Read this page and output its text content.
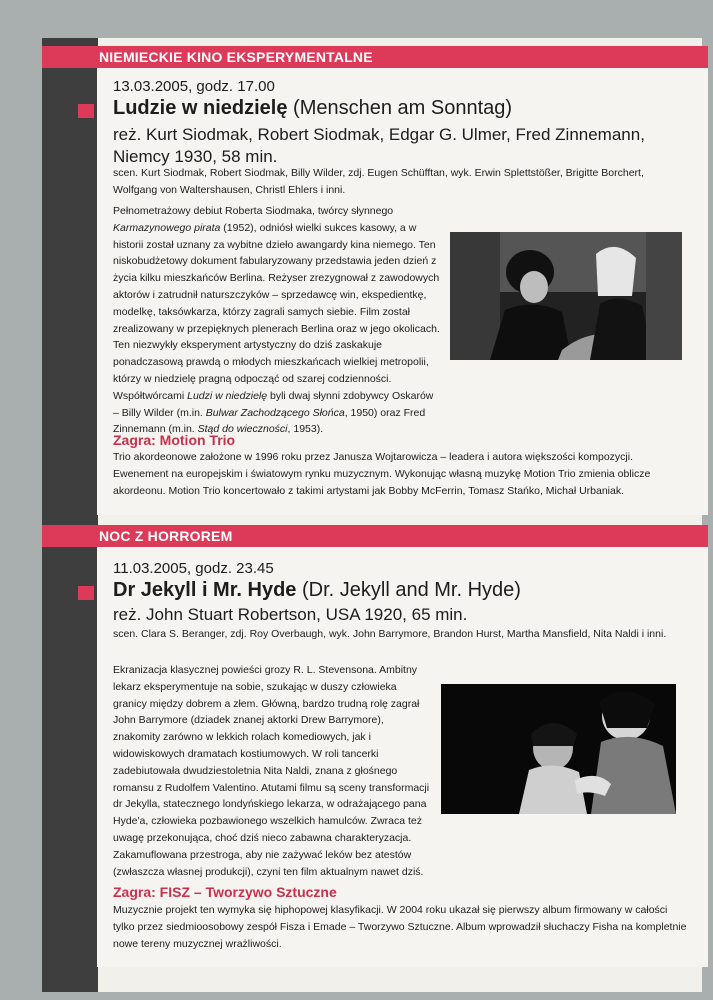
NIEMIECKIE KINO EKSPERYMENTALNE
13.03.2005, godz. 17.00
Ludzie w niedzielę (Menschen am Sonntag)
reż. Kurt Siodmak, Robert Siodmak, Edgar G. Ulmer, Fred Zinnemann, Niemcy 1930, 58 min.
scen. Kurt Siodmak, Robert Siodmak, Billy Wilder, zdj. Eugen Schüfftan, wyk. Erwin Splettstößer, Brigitte Borchert, Wolfgang von Waltershausen, Christl Ehlers i inni.

Pełnometrażowy debiut Roberta Siodmaka, twórcy słynnego Karmazynowego pirata (1952), odniósł wielki sukces kasowy, a w historii został uznany za wybitne dzieło awangardy kina niemego. Ten niskobudżetowy dokument fabularyzowany przedstawia jeden dzień z życia kilku mieszkańców Berlina. Reżyser zrezygnował z zawodowych aktorów i zatrudnił naturszczyków – sprzedawcę win, ekspedientkę, modelkę, taksówkarza, którzy zagrali samych siebie. Film został zrealizowany w przepięknych plenerach Berlina oraz w jego okolicach. Ten niezwykły eksperyment artystyczny do dziś zaskakuje ponadczasową prawdą o młodych mieszkańcach wielkiej metropolii, którzy w niedzielę pragną odpocząć od szarej codzienności. Współtwórcami Ludzi w niedzielę byli dwaj słynni zdobywcy Oskarów – Billy Wilder (m.in. Bulwar Zachodzącego Słońca, 1950) oraz Fred Zinnemann (m.in. Stąd do wieczności, 1953).

Zagra: Motion Trio
Trio akordeonowe założone w 1996 roku przez Janusza Wojtarowicza – leadera i autora większości kompozycji. Ewenement na europejskim i światowym rynku muzycznym. Wykonując własną muzykę Motion Trio zmienia oblicze akordeonu. Motion Trio koncertowało z takimi artystami jak Bobby McFerrin, Tomasz Stańko, Michał Urbaniak.
NOC Z HORROREM
11.03.2005, godz. 23.45
Dr Jekyll i Mr. Hyde (Dr. Jekyll and Mr. Hyde)
reż. John Stuart Robertson, USA 1920, 65 min.
scen. Clara S. Beranger, zdj. Roy Overbaugh, wyk. John Barrymore, Brandon Hurst, Martha Mansfield, Nita Naldi i inni.
Ekranizacja klasycznej powieści grozy R. L. Stevensona. Ambitny lekarz eksperymentuje na sobie, szukając w duszy człowieka granicy między dobrem a złem. Główną, bardzo trudną rolę zagrał John Barrymore (dziadek znanej aktorki Drew Barrymore), znakomity zarówno w lekkich rolach komediowych, jak i widowiskowych dramatach kostiumowych. W roli tancerki zadebiutowała dwudziestoletnia Nita Naldi, znana z głośnego romansu z Rudolfem Valentino. Atutami filmu są sceny transformacji dr Jekylla, statecznego londyńskiego lekarza, w odrażającego pana Hyde'a, człowieka pozbawionego wszelkich hamulców. Zwraca też uwagę przekonująca, choć dziś nieco zabawna charakteryzacja. Zakamuflowana przestroga, aby nie zażywać leków bez atestów (zwłaszcza własnej produkcji), czyni ten film aktualnym nawet dziś.
Zagra: FISZ – Tworzywo Sztuczne
Muzycznie projekt ten wymyka się hiphopowej klasyfikacji. W 2004 roku ukazał się pierwszy album firmowany w całości tylko przez siedmioosobowy zespół Fisza i Emade – Tworzywo Sztuczne. Album wprowadził słuchaczy Fisha na kompletnie nowe tereny muzycznej wrażliwości.
